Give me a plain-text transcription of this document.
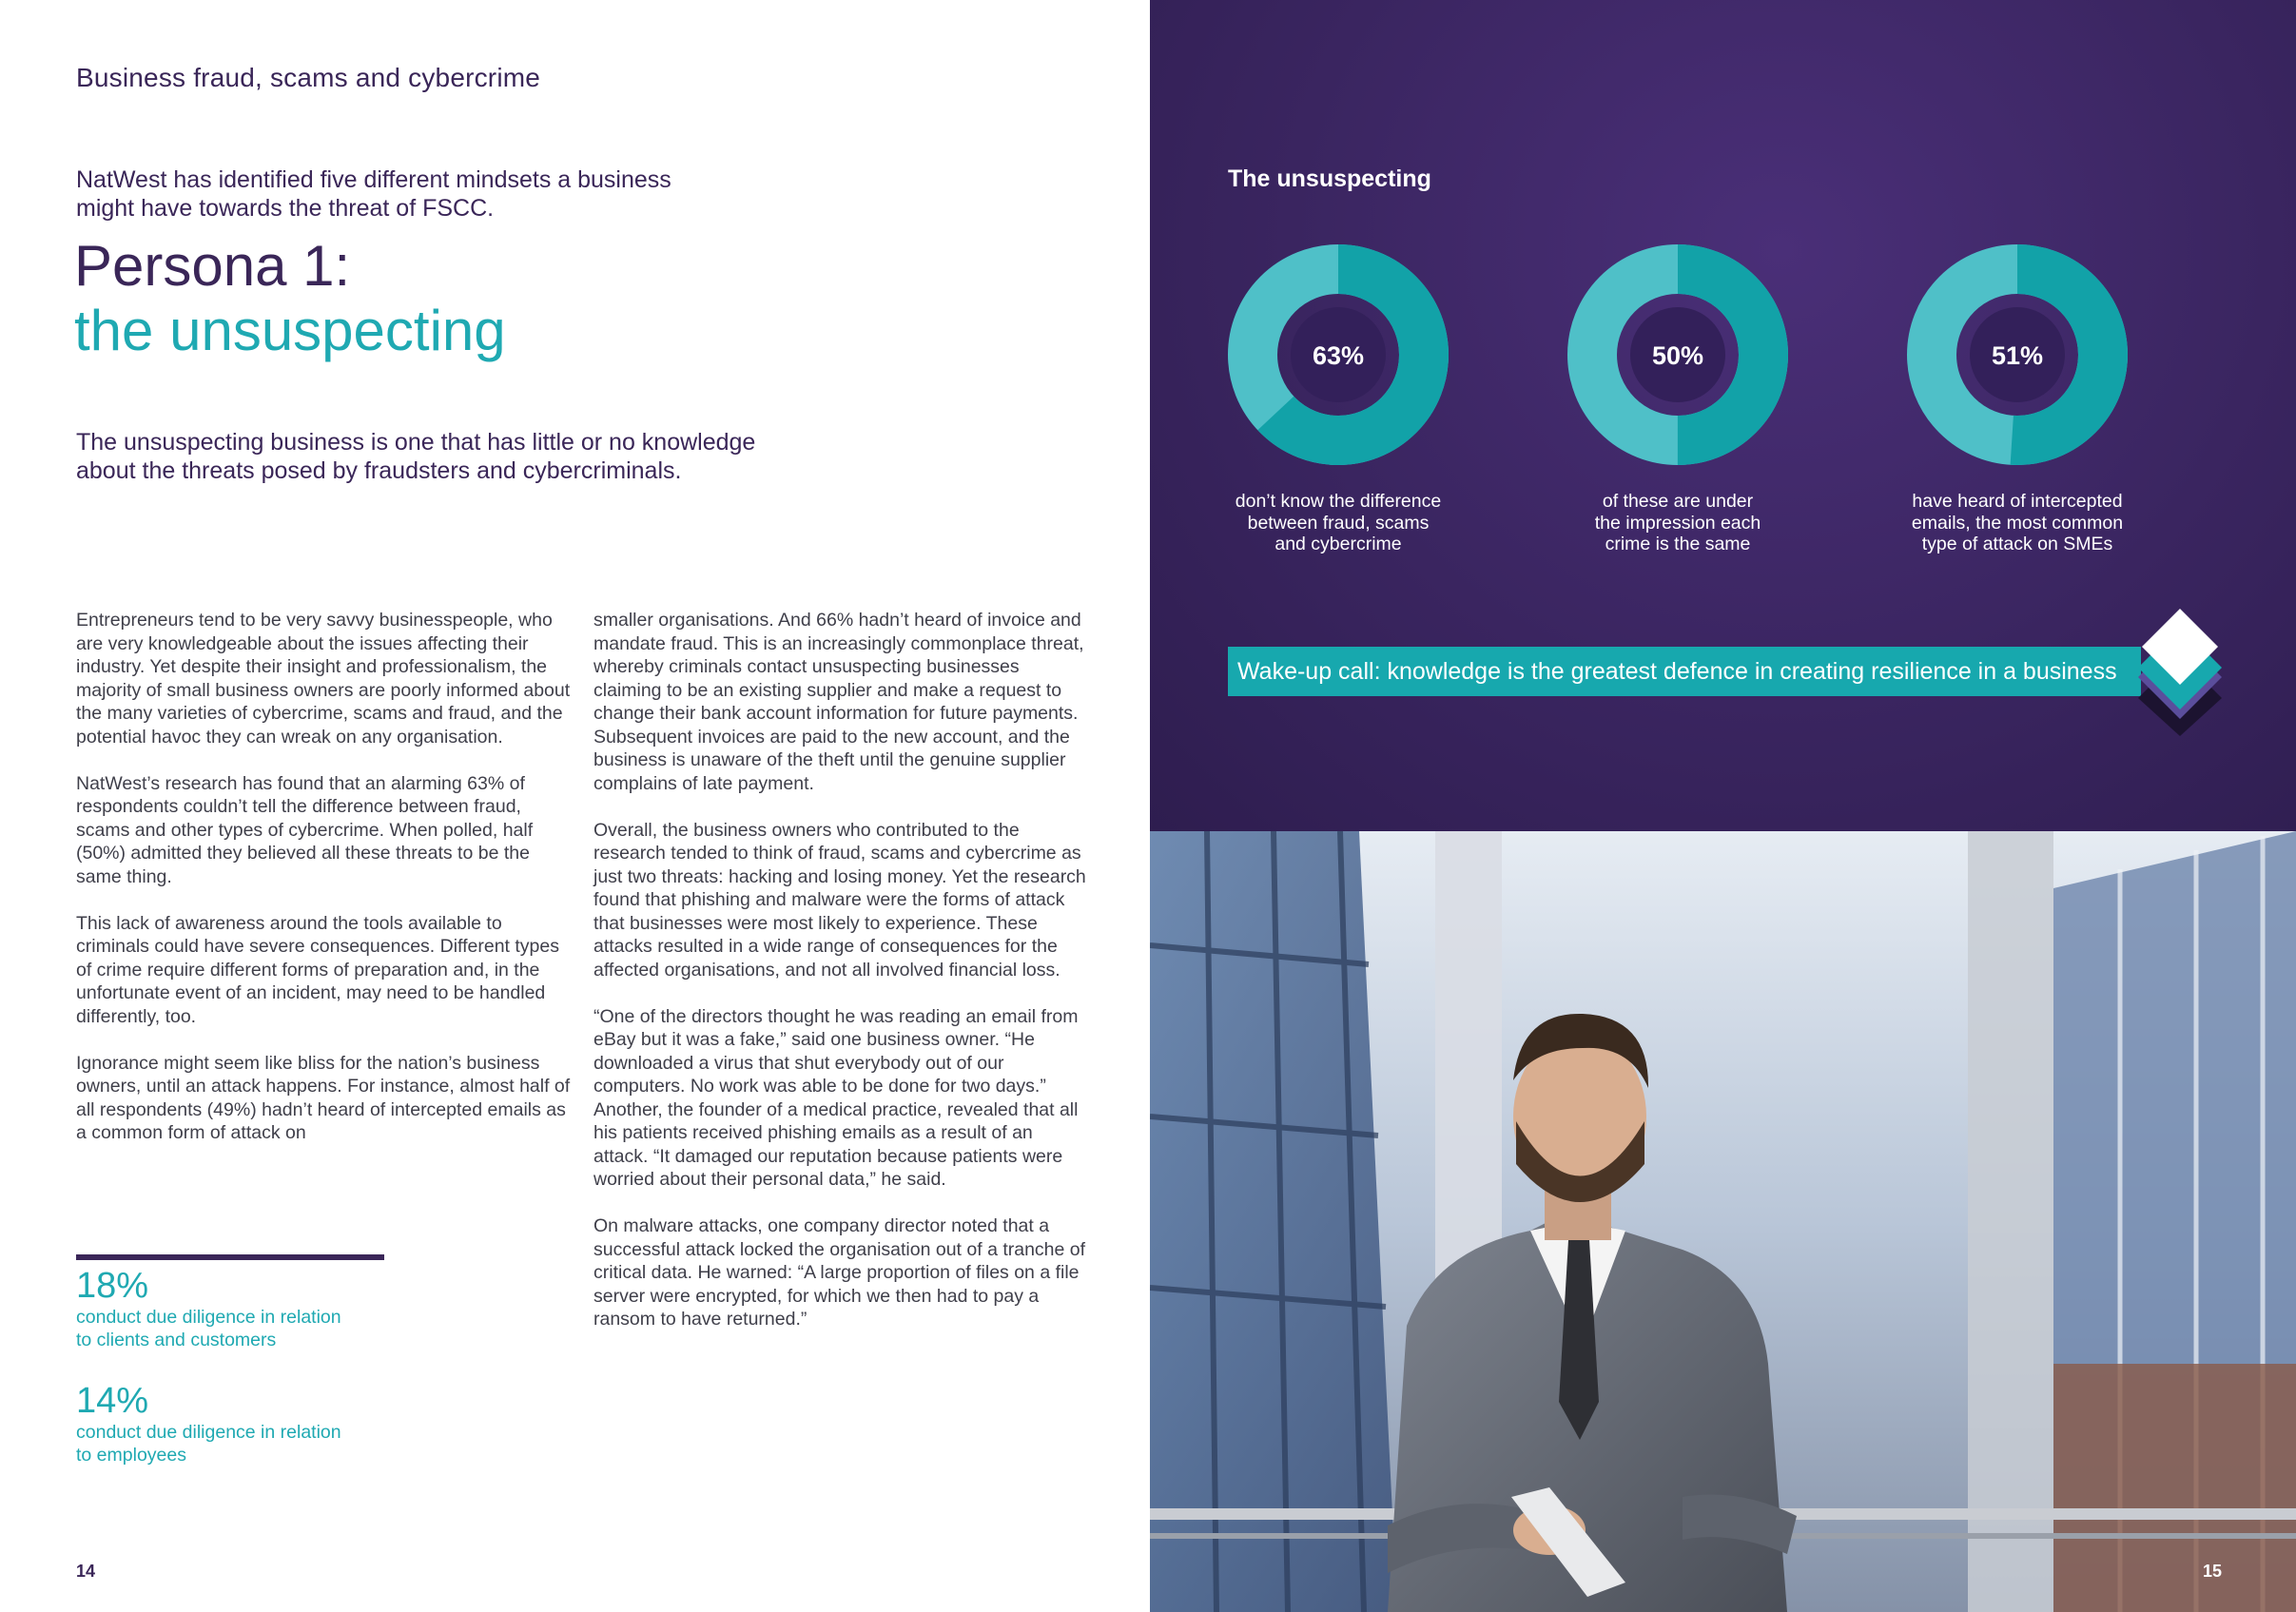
Business fraud, scams and cybercrime
NatWest has identified five different mindsets a business might have towards the threat of FSCC.
Persona 1:
the unsuspecting
The unsuspecting business is one that has little or no knowledge about the threats posed by fraudsters and cybercriminals.

Entrepreneurs tend to be very savvy businesspeople, who are very knowledgeable about the issues affecting their industry. Yet despite their insight and professionalism, the majority of small business owners are poorly informed about the many varieties of cybercrime, scams and fraud, and the potential havoc they can wreak on any organisation.

NatWest’s research has found that an alarming 63% of respondents couldn’t tell the difference between fraud, scams and other types of cybercrime. When polled, half (50%) admitted they believed all these threats to be the same thing.

This lack of awareness around the tools available to criminals could have severe consequences. Different types of crime require different forms of preparation and, in the unfortunate event of an incident, may need to be handled differently, too.

Ignorance might seem like bliss for the nation’s business owners, until an attack happens. For instance, almost half of all respondents (49%) hadn’t heard of intercepted emails as a common form of attack on

smaller organisations. And 66% hadn’t heard of invoice and mandate fraud. This is an increasingly commonplace threat, whereby criminals contact unsuspecting businesses claiming to be an existing supplier and make a request to change their bank account information for future payments. Subsequent invoices are paid to the new account, and the business is unaware of the theft until the genuine supplier complains of late payment.

Overall, the business owners who contributed to the research tended to think of fraud, scams and cybercrime as just two threats: hacking and losing money. Yet the research found that phishing and malware were the forms of attack that businesses were most likely to experience. These attacks resulted in a wide range of consequences for the affected organisations, and not all involved financial loss.

“One of the directors thought he was reading an email from eBay but it was a fake,” said one business owner. “He downloaded a virus that shut everybody out of our computers. No work was able to be done for two days.” Another, the founder of a medical practice, revealed that all his patients received phishing emails as a result of an attack. “It damaged our reputation because patients were worried about their personal data,” he said.

On malware attacks, one company director noted that a successful attack locked the organisation out of a tranche of critical data. He warned: “A large proportion of files on a file server were encrypted, for which we then had to pay a ransom to have returned.”

18%
conduct due diligence in relation
to clients and customers
14%
conduct due diligence in relation
to employees
14
The unsuspecting
63%
don’t know the difference
between fraud, scams
and cybercrime
50%
of these are under
the impression each
crime is the same
51%
have heard of intercepted
emails, the most common
type of attack on SMEs
Wake-up call: knowledge is the greatest defence in creating resilience in a business
15
